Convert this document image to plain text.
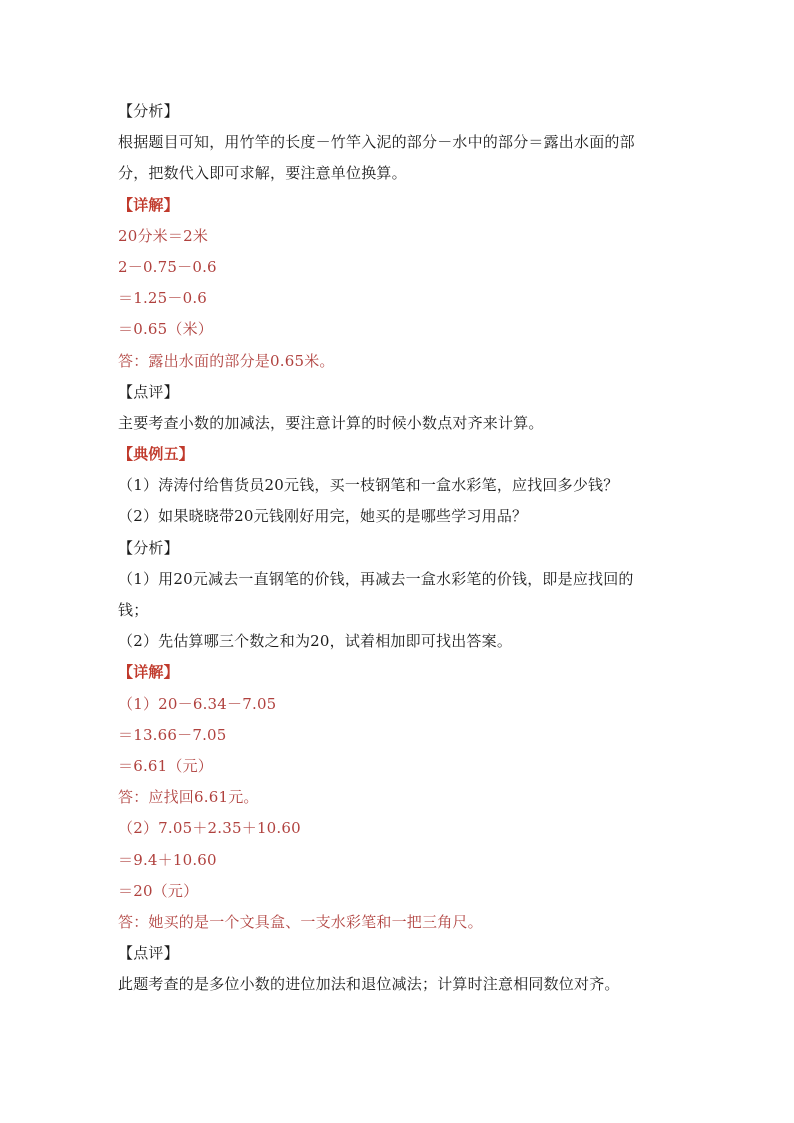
【分析】
根据题目可知，用竹竿的长度－竹竿入泥的部分－水中的部分＝露出水面的部
分，把数代入即可求解，要注意单位换算。
【详解】
20分米＝2米
2－0.75－0.6
＝1.25－0.6
＝0.65（米）
答：露出水面的部分是0.65米。
【点评】
主要考查小数的加减法，要注意计算的时候小数点对齐来计算。
【典例五】
（1）涛涛付给售货员20元钱，买一枝钢笔和一盒水彩笔，应找回多少钱？
（2）如果晓晓带20元钱刚好用完，她买的是哪些学习用品？
【分析】
（1）用20元减去一直钢笔的价钱，再减去一盒水彩笔的价钱，即是应找回的
钱；
（2）先估算哪三个数之和为20，试着相加即可找出答案。
【详解】
（1）20－6.34－7.05
＝13.66－7.05
＝6.61（元）
答：应找回6.61元。
（2）7.05＋2.35＋10.60
＝9.4＋10.60
＝20（元）
答：她买的是一个文具盒、一支水彩笔和一把三角尺。
【点评】
此题考查的是多位小数的进位加法和退位减法；计算时注意相同数位对齐。
